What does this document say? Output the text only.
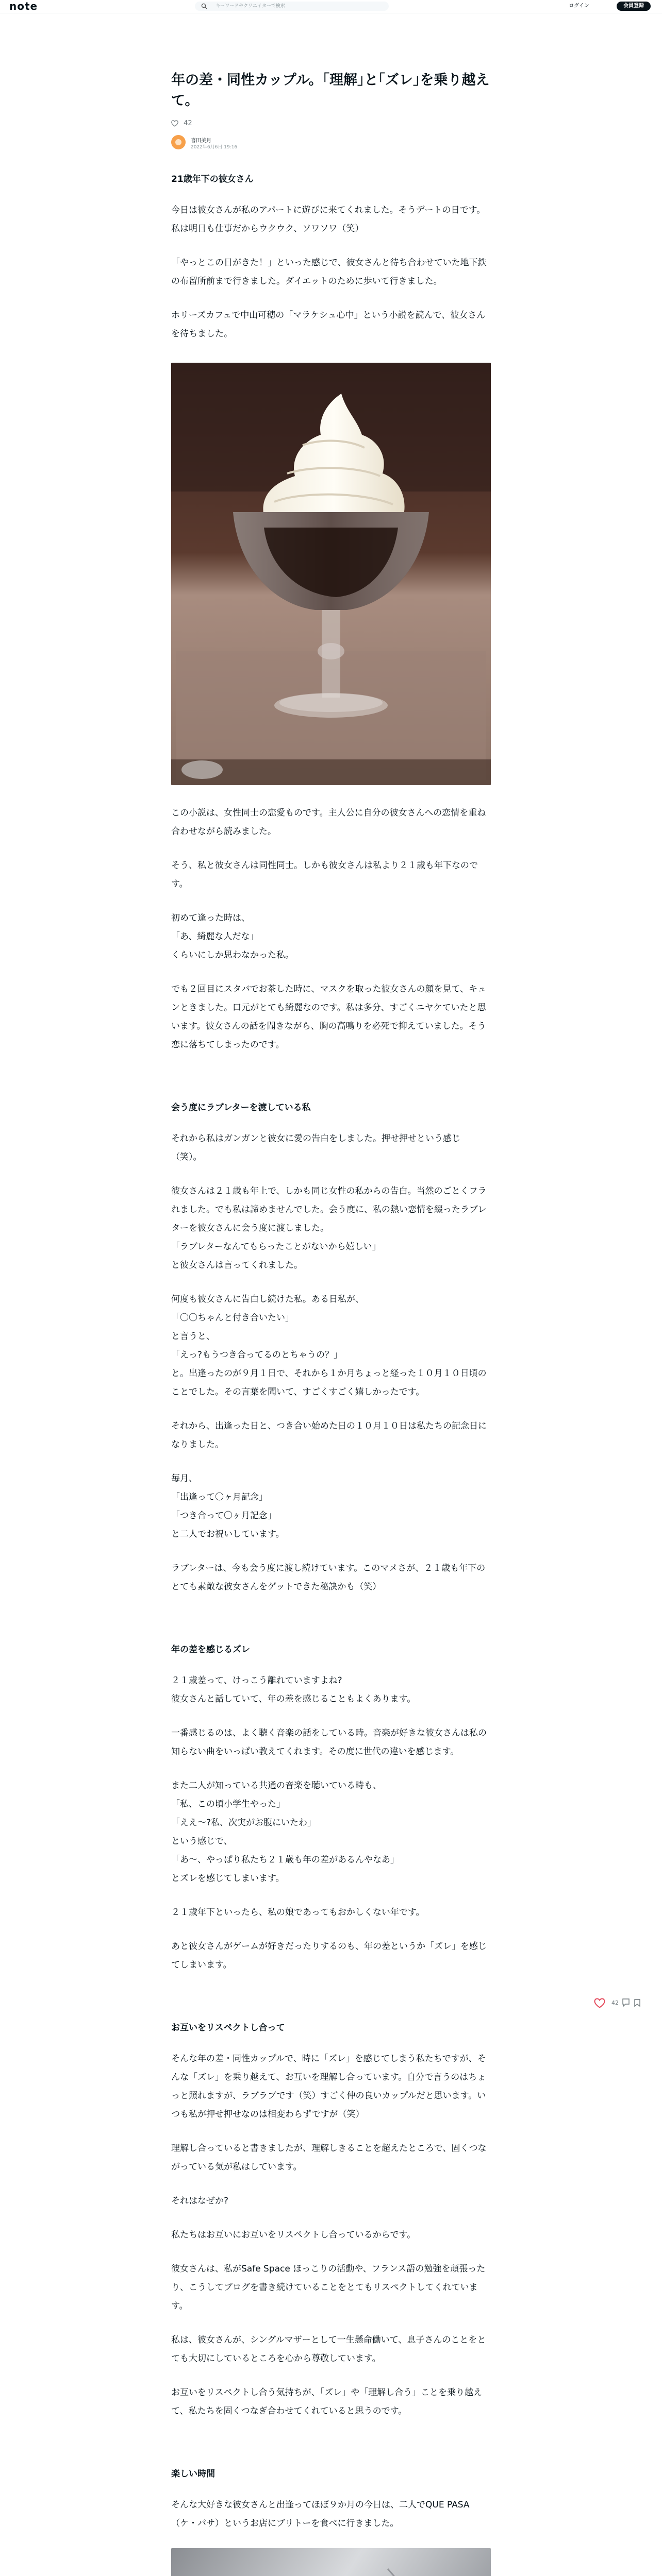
note	キーワードやクリエイターで検索	ログイン	会員登録
年の差・同性カップル。｢理解｣と｢ズレ｣を乗り越えて。
42
喜田美月
2022年6月6日 19:16
21歳年下の彼女さん

今日は彼女さんが私のアパートに遊びに来てくれました。そうデートの日です。私は明日も仕事だからウクウク、ソワソワ（笑）

「やっとこの日がきた！」といった感じで、彼女さんと待ち合わせていた地下鉄の布留所前まで行きました。ダイエットのために歩いて行きました。

ホリーズカフェで中山可穂の「マラケシュ心中」という小説を読んで、彼女さんを待ちました。

この小説は、女性同士の恋愛ものです。主人公に自分の彼女さんへの恋情を重ね合わせながら読みました。

そう、私と彼女さんは同性同士。しかも彼女さんは私より２１歳も年下なのです。

初めて逢った時は、

「あ、綺麗な人だな」

くらいにしか思わなかった私。

でも２回目にスタバでお茶した時に、マスクを取った彼女さんの顔を見て、キュンときました。口元がとても綺麗なのです。私は多分、すごくニヤケていたと思います。彼女さんの話を聞きながら、胸の高鳴りを必死で抑えていました。そう恋に落ちてしまったのです。

会う度にラブレターを渡している私

それから私はガンガンと彼女に愛の告白をしました。押せ押せという感じ（笑）。

彼女さんは２１歳も年上で、しかも同じ女性の私からの告白。当然のごとくフラれました。でも私は諦めませんでした。会う度に、私の熱い恋情を綴ったラブレターを彼女さんに会う度に渡しました。

「ラブレターなんてもらったことがないから嬉しい」

と彼女さんは言ってくれました。

何度も彼女さんに告白し続けた私。ある日私が、

「〇〇ちゃんと付き合いたい」

と言うと、

「えっ?もうつき合ってるのとちゃうの？」

と。出逢ったのが９月１日で、それから１か月ちょっと経った１０月１０日頃のことでした。その言葉を聞いて、すごくすごく嬉しかったです。

それから、出逢った日と、つき合い始めた日の１０月１０日は私たちの記念日になりました。

毎月、

「出逢って〇ヶ月記念」

「つき合って〇ヶ月記念」

と二人でお祝いしています。

ラブレターは、今も会う度に渡し続けています。このマメさが、２１歳も年下のとても素敵な彼女さんをゲットできた秘訣かも（笑）

年の差を感じるズレ

２１歳差って、けっこう離れていますよね?

彼女さんと話していて、年の差を感じることもよくあります。

一番感じるのは、よく聴く音楽の話をしている時。音楽が好きな彼女さんは私の知らない曲をいっぱい教えてくれます。その度に世代の違いを感じます。

また二人が知っている共通の音楽を聴いている時も、

「私、この頃小学生やった」

「ええ～?私、次実がお腹にいたわ」

という感じで、

「あ～、やっぱり私たち２１歳も年の差があるんやなあ」

とズレを感じてしまいます。

２１歳年下といったら、私の娘であってもおかしくない年です。

あと彼女さんがゲームが好きだったりするのも、年の差というか「ズレ」を感じてしまいます。

お互いをリスペクトし合って

そんな年の差・同性カップルで、時に「ズレ」を感じてしまう私たちですが、そんな「ズレ」を乗り越えて、お互いを理解し合っています。自分で言うのはちょっと照れますが、ラブラブです（笑）すごく仲の良いカップルだと思います。いつも私が押せ押せなのは相変わらずですが（笑）

理解し合っていると書きましたが、理解しきることを超えたところで、固くつながっている気が私はしています。

それはなぜか?

私たちはお互いにお互いをリスペクトし合っているからです。

彼女さんは、私がSafe Space ほっこりの活動や、フランス語の勉強を頑張ったり、こうしてブログを書き続けていることをとてもリスペクトしてくれています。

私は、彼女さんが、シングルマザーとして一生懸命働いて、息子さんのことをとても大切にしているところを心から尊敬しています。

お互いをリスペクトし合う気持ちが、「ズレ」や「理解し合う」ことを乗り越えて、私たちを固くつなぎ合わせてくれていると思うのです。

楽しい時間

そんな大好きな彼女さんと出逢ってほぼ９か月の今日は、二人でQUE PASA（ケ・パサ）というお店にブリトーを食べに行きました。

42
